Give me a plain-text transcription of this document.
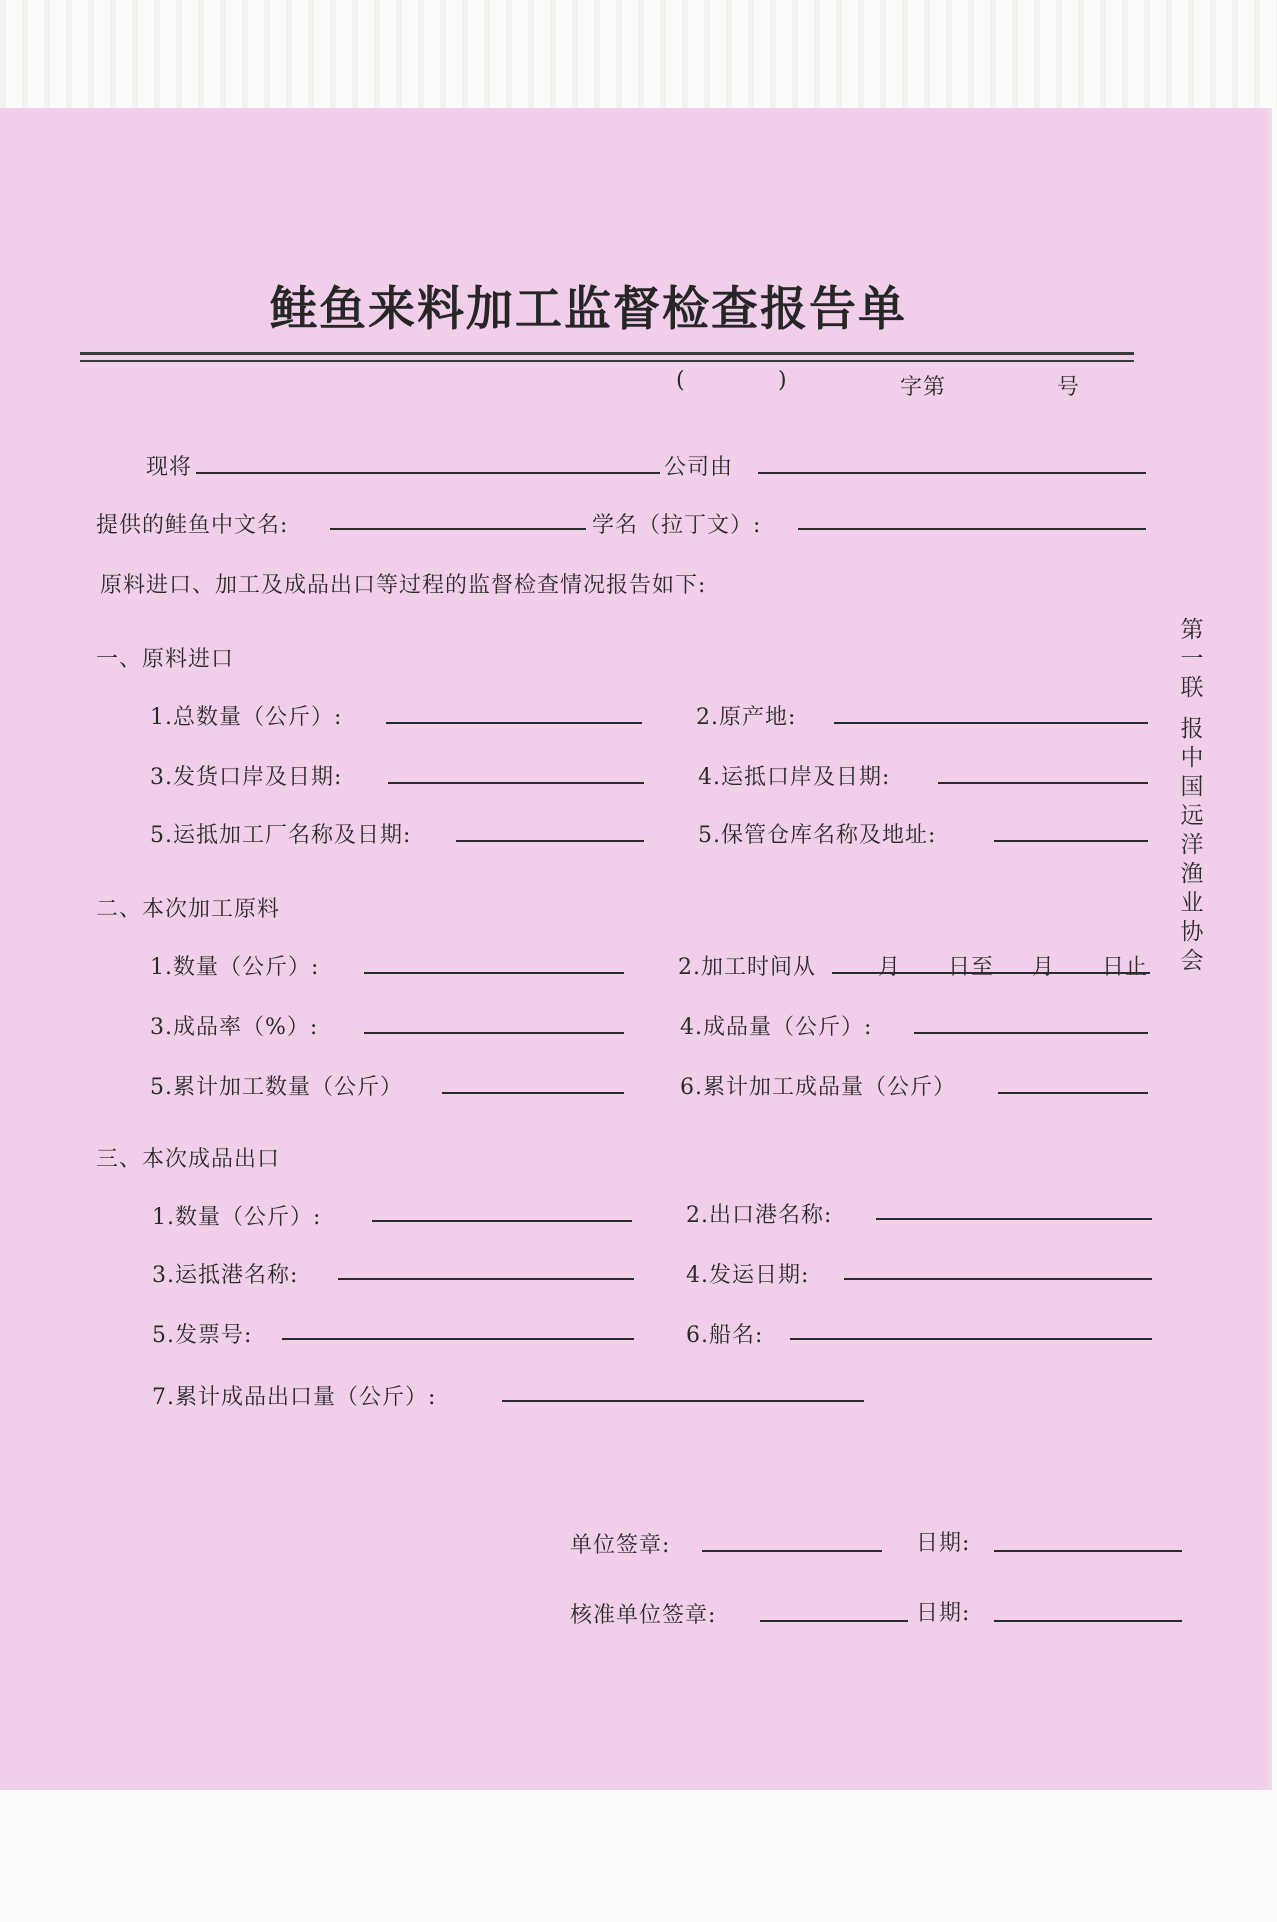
鲑鱼来料加工监督检查报告单
(	)	字第	号
现将	公司由
提供的鲑鱼中文名:	学名（拉丁文）:
原料进口、加工及成品出口等过程的监督检查情况报告如下:
一、原料进口
1.总数量（公斤）:	2.原产地:
3.发货口岸及日期:	4.运抵口岸及日期:
5.运抵加工厂名称及日期:	5.保管仓库名称及地址:
二、本次加工原料
1.数量（公斤）:	2.加工时间从	月 日至 月 日止
3.成品率（%）:	4.成品量（公斤）:
5.累计加工数量（公斤）	6.累计加工成品量（公斤）
三、本次成品出口
1.数量（公斤）:	2.出口港名称:
3.运抵港名称:	4.发运日期:
5.发票号:	6.船名:
7.累计成品出口量（公斤）:
单位签章:	日期:
核准单位签章:	日期:
第
一
联
报
中
国
远
洋
渔
业
协
会
